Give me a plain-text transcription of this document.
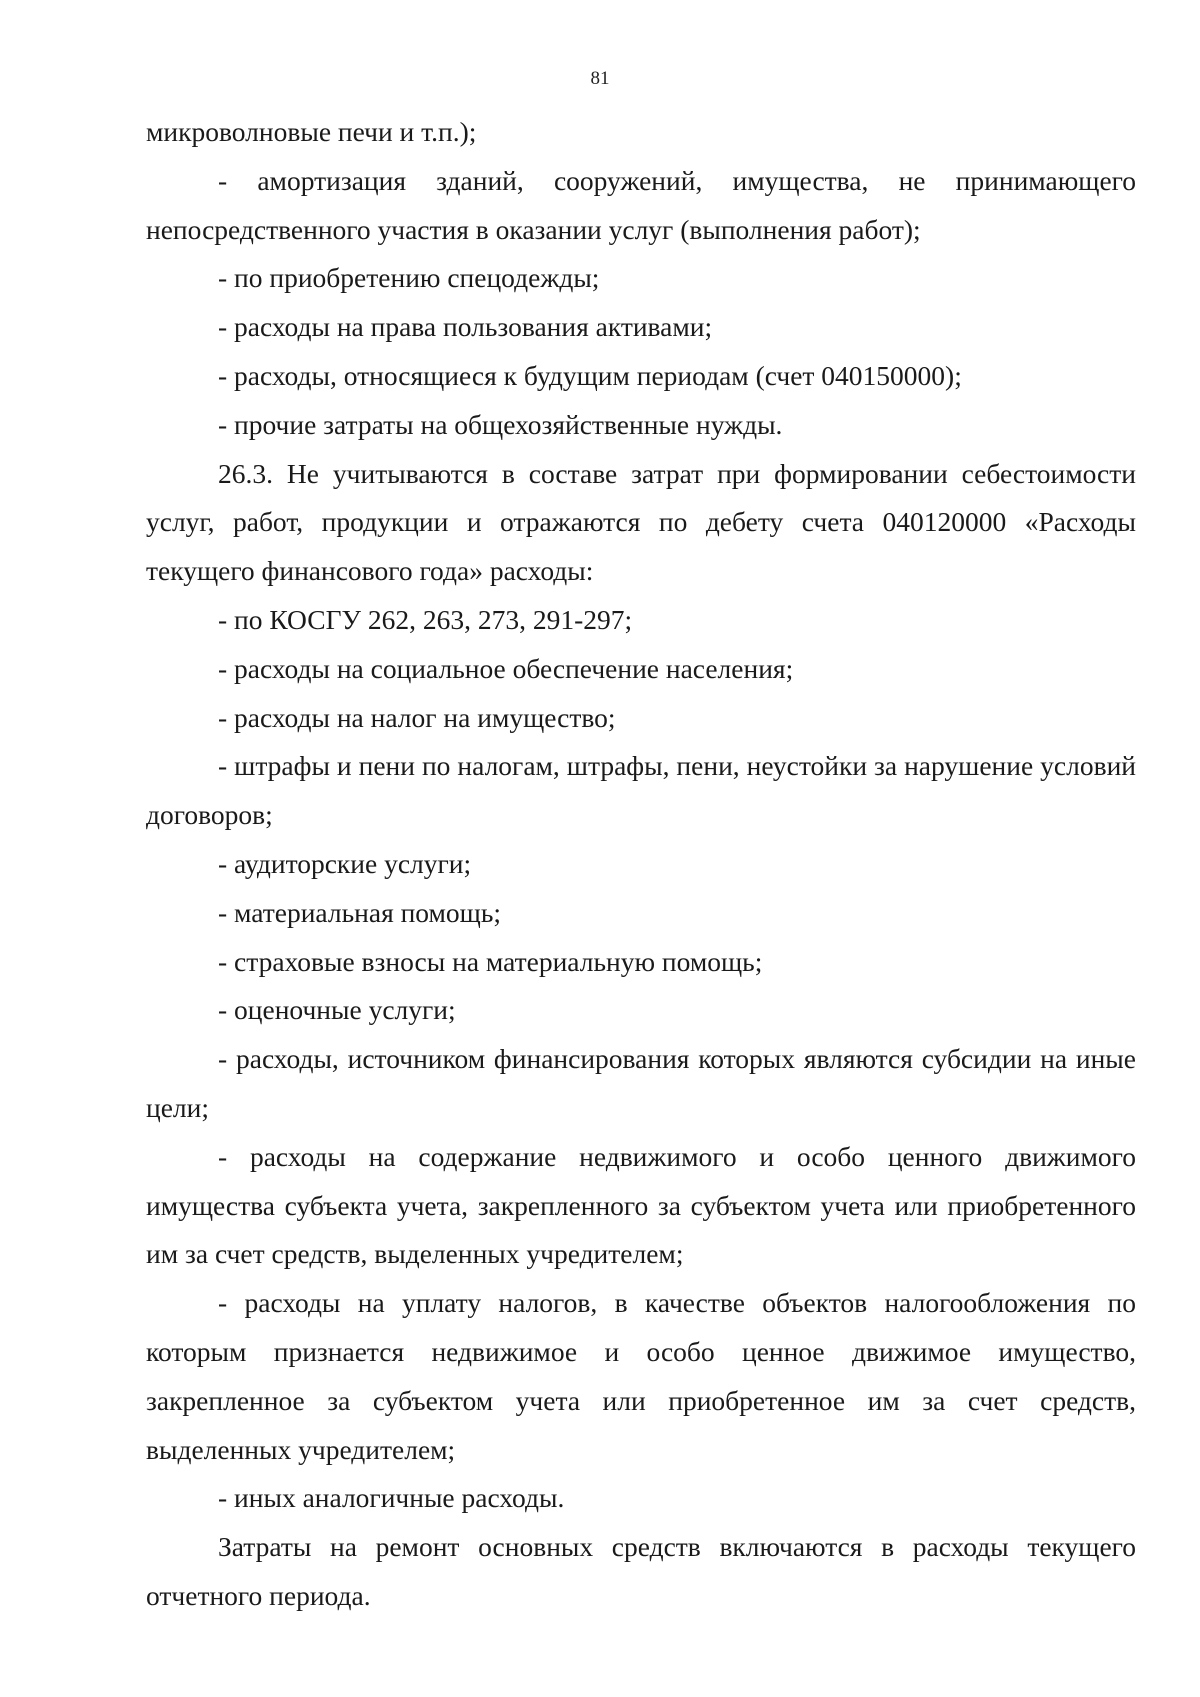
81

микроволновые печи и т.п.);

- амортизация зданий, сооружений, имущества, не принимающего непосредственного участия в оказании услуг (выполнения работ);

- по приобретению спецодежды;

- расходы на права пользования активами;

- расходы, относящиеся к будущим периодам (счет 040150000);

- прочие затраты на общехозяйственные нужды.

26.3. Не учитываются в составе затрат при формировании себестоимости услуг, работ, продукции и отражаются по дебету счета 040120000 «Расходы текущего финансового года» расходы:

- по КОСГУ 262, 263, 273, 291-297;

- расходы на социальное обеспечение населения;

- расходы на налог на имущество;

- штрафы и пени по налогам, штрафы, пени, неустойки за нарушение условий договоров;

- аудиторские услуги;

- материальная помощь;

- страховые взносы на материальную помощь;

- оценочные услуги;

- расходы, источником финансирования которых являются субсидии на иные цели;

- расходы на содержание недвижимого и особо ценного движимого имущества субъекта учета, закрепленного за субъектом учета или приобретенного им за счет средств, выделенных учредителем;

- расходы на уплату налогов, в качестве объектов налогообложения по которым признается недвижимое и особо ценное движимое имущество, закрепленное за субъектом учета или приобретенное им за счет средств, выделенных учредителем;

- иных аналогичные расходы.

Затраты на ремонт основных средств включаются в расходы текущего отчетного периода.
